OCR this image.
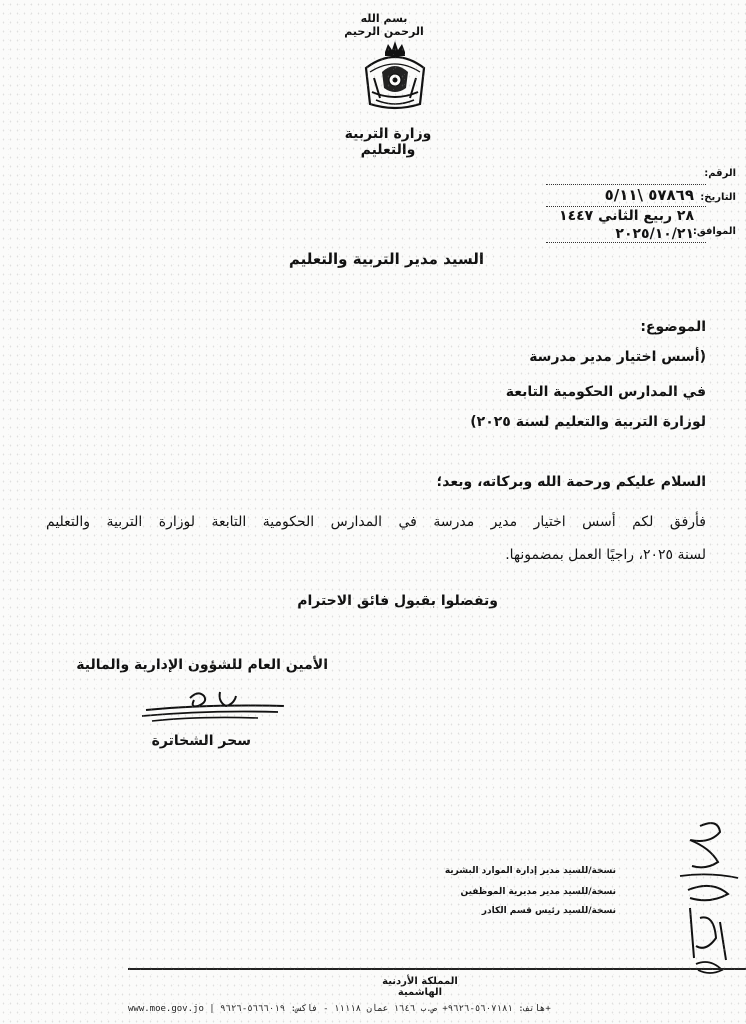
بسم الله الرحمن الرحيم
وزارة التربية والتعليم
الرقم:
التاريخ:
الموافق:
٥٧٨٦٩ \٥/١١
٢٨ ربيع الثاني ١٤٤٧
٢٠٢٥/١٠/٢١
السيد مدير التربية والتعليم
الموضوع:
(أسس اختيار مدير مدرسة
في المدارس الحكومية التابعة
لوزارة التربية والتعليم لسنة ٢٠٢٥)
السلام عليكم ورحمة الله وبركاته، وبعد؛
فأرفق لكم أسس اختيار مدير مدرسة في المدارس الحكومية التابعة لوزارة التربية والتعليم
لسنة ٢٠٢٥، راجيًا العمل بمضمونها.
وتفضلوا بقبول فائق الاحترام
الأمين العام للشؤون الإدارية والمالية
سحر الشخاترة
نسخة/للسيد مدير إدارة الموارد البشرية
نسخة/للسيد مدير مديرية الموظفين
نسخة/للسيد رئيس قسم الكادر
المملكة الأردنية الهاشمية
www.moe.gov.jo | هاتف: ٥٦٠٧١٨١-٩٦٢٦+ ص.ب ١٦٤٦ عمان ١١١١٨ - فاكس: ٥٦٦٦٠١٩-٩٦٢٦+
